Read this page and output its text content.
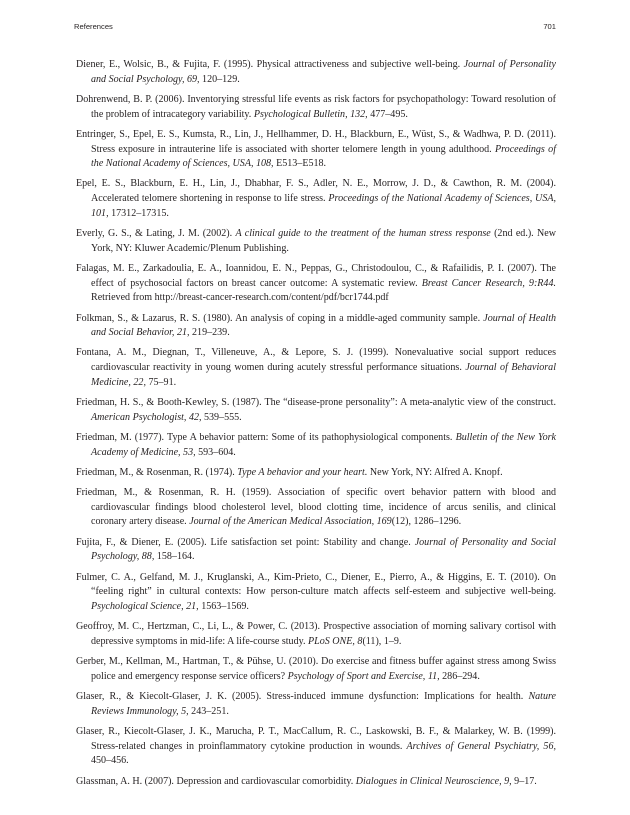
References	701
Diener, E., Wolsic, B., & Fujita, F. (1995). Physical attractiveness and subjective well-being. Journal of Personality and Social Psychology, 69, 120–129.
Dohrenwend, B. P. (2006). Inventorying stressful life events as risk factors for psychopathology: Toward resolution of the problem of intracategory variability. Psychological Bulletin, 132, 477–495.
Entringer, S., Epel, E. S., Kumsta, R., Lin, J., Hellhammer, D. H., Blackburn, E., Wüst, S., & Wadhwa, P. D. (2011). Stress exposure in intrauterine life is associated with shorter telomere length in young adulthood. Proceedings of the National Academy of Sciences, USA, 108, E513–E518.
Epel, E. S., Blackburn, E. H., Lin, J., Dhabhar, F. S., Adler, N. E., Morrow, J. D., & Cawthon, R. M. (2004). Accelerated telomere shortening in response to life stress. Proceedings of the National Academy of Sciences, USA, 101, 17312–17315.
Everly, G. S., & Lating, J. M. (2002). A clinical guide to the treatment of the human stress response (2nd ed.). New York, NY: Kluwer Academic/Plenum Publishing.
Falagas, M. E., Zarkadoulia, E. A., Ioannidou, E. N., Peppas, G., Christodoulou, C., & Rafailidis, P. I. (2007). The effect of psychosocial factors on breast cancer outcome: A systematic review. Breast Cancer Research, 9:R44. Retrieved from http://breast-cancer-research.com/content/pdf/bcr1744.pdf
Folkman, S., & Lazarus, R. S. (1980). An analysis of coping in a middle-aged community sample. Journal of Health and Social Behavior, 21, 219–239.
Fontana, A. M., Diegnan, T., Villeneuve, A., & Lepore, S. J. (1999). Nonevaluative social support reduces cardiovascular reactivity in young women during acutely stressful performance situations. Journal of Behavioral Medicine, 22, 75–91.
Friedman, H. S., & Booth-Kewley, S. (1987). The “disease-prone personality”: A meta-analytic view of the construct. American Psychologist, 42, 539–555.
Friedman, M. (1977). Type A behavior pattern: Some of its pathophysiological components. Bulletin of the New York Academy of Medicine, 53, 593–604.
Friedman, M., & Rosenman, R. (1974). Type A behavior and your heart. New York, NY: Alfred A. Knopf.
Friedman, M., & Rosenman, R. H. (1959). Association of specific overt behavior pattern with blood and cardiovascular findings blood cholesterol level, blood clotting time, incidence of arcus senilis, and clinical coronary artery disease. Journal of the American Medical Association, 169(12), 1286–1296.
Fujita, F., & Diener, E. (2005). Life satisfaction set point: Stability and change. Journal of Personality and Social Psychology, 88, 158–164.
Fulmer, C. A., Gelfand, M. J., Kruglanski, A., Kim-Prieto, C., Diener, E., Pierro, A., & Higgins, E. T. (2010). On “feeling right” in cultural contexts: How person-culture match affects self-esteem and subjective well-being. Psychological Science, 21, 1563–1569.
Geoffroy, M. C., Hertzman, C., Li, L., & Power, C. (2013). Prospective association of morning salivary cortisol with depressive symptoms in mid-life: A life-course study. PLoS ONE, 8(11), 1–9.
Gerber, M., Kellman, M., Hartman, T., & Pühse, U. (2010). Do exercise and fitness buffer against stress among Swiss police and emergency response service officers? Psychology of Sport and Exercise, 11, 286–294.
Glaser, R., & Kiecolt-Glaser, J. K. (2005). Stress-induced immune dysfunction: Implications for health. Nature Reviews Immunology, 5, 243–251.
Glaser, R., Kiecolt-Glaser, J. K., Marucha, P. T., MacCallum, R. C., Laskowski, B. F., & Malarkey, W. B. (1999). Stress-related changes in proinflammatory cytokine production in wounds. Archives of General Psychiatry, 56, 450–456.
Glassman, A. H. (2007). Depression and cardiovascular comorbidity. Dialogues in Clinical Neuroscience, 9, 9–17.
